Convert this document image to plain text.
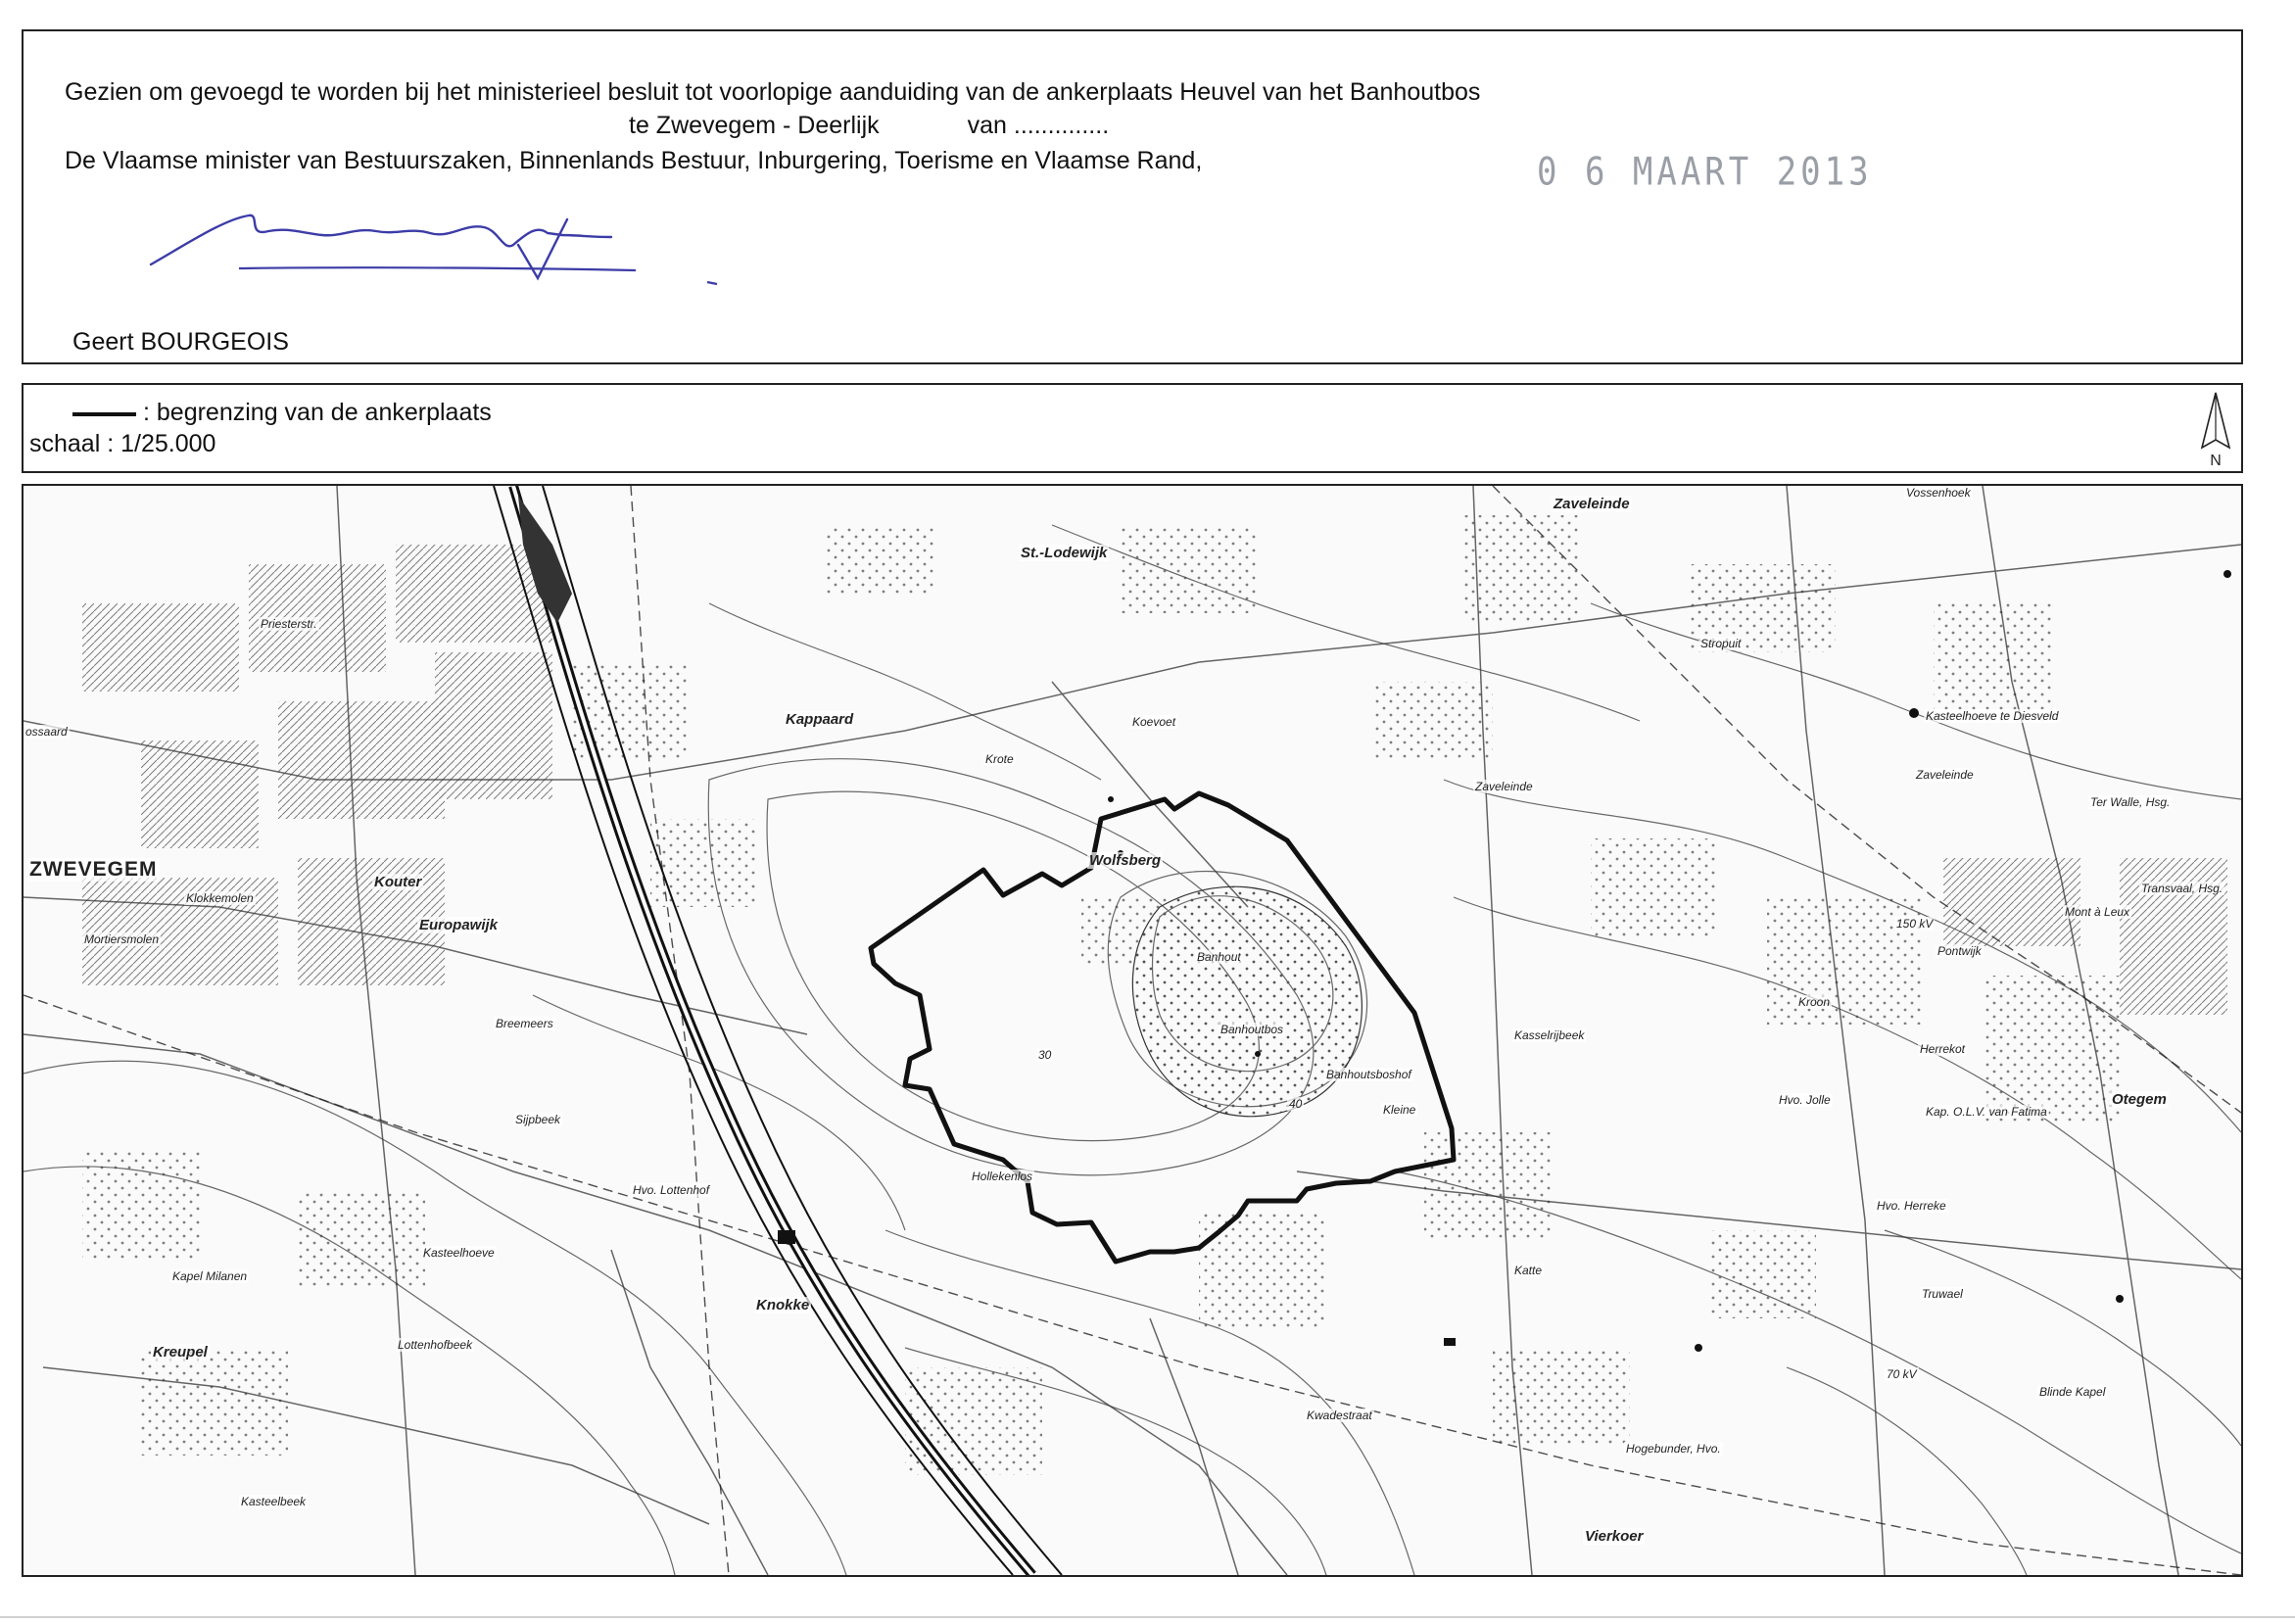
Gezien om gevoegd te worden bij het ministerieel besluit tot voorlopige aanduiding van de ankerplaats Heuvel van het Banhoutbos
te Zwevegem - Deerlijk	van ..............
De Vlaamse minister van Bestuurszaken, Binnenlands Bestuur, Inburgering, Toerisme en Vlaamse Rand,	0 6 MAART 2013
Geert BOURGEOIS
: begrenzing van de ankerplaats
schaal : 1/25.000
N
ZWEVEGEM
St.-Lodewijk
Kappaard
Zaveleinde
Zaveleinde
Zaveleinde
Vossenhoek
Kasteelhoeve te Diesveld
Ter Walle, Hsg.
Transvaal, Hsg.
Mont à Leux
Pontwijk
Kroon
Herrekot
Kap. O.L.V. van Fatima
Otegem
Hvo. Jolle
Hvo. Herreke
Truwael
Blinde Kapel
Hogebunder, Hvo.
Vierkoer
Kwadestraat
Katte
Banhoutsboshof
Banhoutbos
Banhout
Wolfsberg
Kreupel
Knokke
Kapel Milanen
Kasteelhoeve
Hvo. Lottenhof
Hollekenlos
Sijpbeek
Breemeers
Europawijk
Kouter
Klokkemolen
Mortiersmolen
Priesterstr.
ossaard
Koevoet
Stropuit
Kasselrijbeek
Lottenhofbeek
Kasteelbeek
Krote
Kleine
30
40
70 kV
150 kV
